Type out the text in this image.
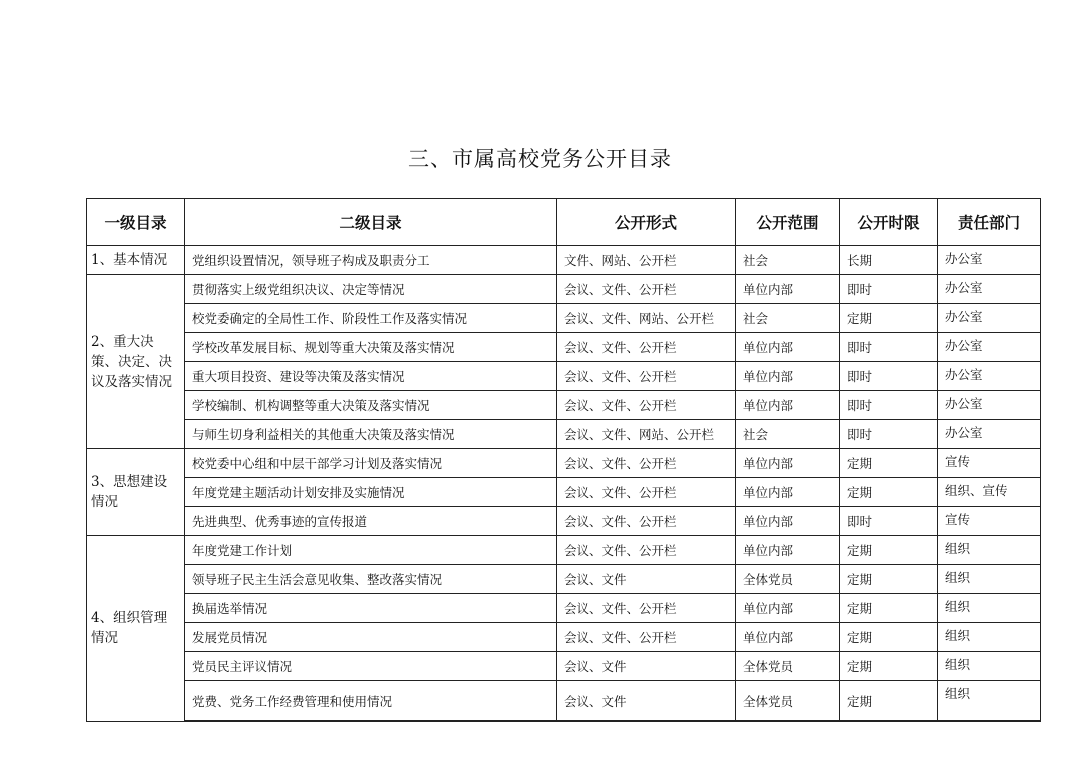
三、市属高校党务公开目录
一级目录	二级目录	公开形式	公开范围	公开时限	责任部门
1、基本情况	党组织设置情况，领导班子构成及职责分工	文件、网站、公开栏	社会	长期	办公室
2、重大决策、决定、决议及落实情况	贯彻落实上级党组织决议、决定等情况	会议、文件、公开栏	单位内部	即时	办公室
	校党委确定的全局性工作、阶段性工作及落实情况	会议、文件、网站、公开栏	社会	定期	办公室
	学校改革发展目标、规划等重大决策及落实情况	会议、文件、公开栏	单位内部	即时	办公室
	重大项目投资、建设等决策及落实情况	会议、文件、公开栏	单位内部	即时	办公室
	学校编制、机构调整等重大决策及落实情况	会议、文件、公开栏	单位内部	即时	办公室
	与师生切身利益相关的其他重大决策及落实情况	会议、文件、网站、公开栏	社会	即时	办公室
3、思想建设情况	校党委中心组和中层干部学习计划及落实情况	会议、文件、公开栏	单位内部	定期	宣传
	年度党建主题活动计划安排及实施情况	会议、文件、公开栏	单位内部	定期	组织、宣传
	先进典型、优秀事迹的宣传报道	会议、文件、公开栏	单位内部	即时	宣传
4、组织管理情况	年度党建工作计划	会议、文件、公开栏	单位内部	定期	组织
	领导班子民主生活会意见收集、整改落实情况	会议、文件	全体党员	定期	组织
	换届选举情况	会议、文件、公开栏	单位内部	定期	组织
	发展党员情况	会议、文件、公开栏	单位内部	定期	组织
	党员民主评议情况	会议、文件	全体党员	定期	组织
	党费、党务工作经费管理和使用情况	会议、文件	全体党员	定期	组织
